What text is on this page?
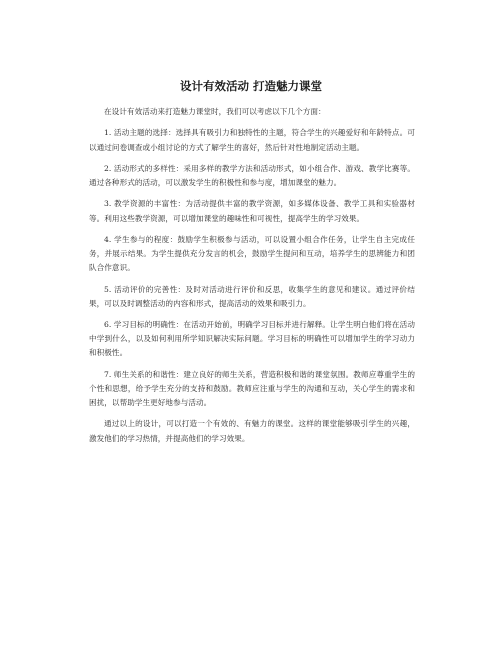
设计有效活动 打造魅力课堂

在设计有效活动来打造魅力课堂时，我们可以考虑以下几个方面：

1. 活动主题的选择：选择具有吸引力和独特性的主题，符合学生的兴趣爱好和年龄特点。可以通过问卷调查或小组讨论的方式了解学生的喜好，然后针对性地制定活动主题。

2. 活动形式的多样性：采用多样的教学方法和活动形式，如小组合作、游戏、教学比赛等。通过各种形式的活动，可以激发学生的积极性和参与度，增加课堂的魅力。

3. 教学资源的丰富性：为活动提供丰富的教学资源，如多媒体设备、教学工具和实验器材等。利用这些教学资源，可以增加课堂的趣味性和可视性，提高学生的学习效果。

4. 学生参与的程度：鼓励学生积极参与活动，可以设置小组合作任务，让学生自主完成任务，并展示结果。为学生提供充分发言的机会，鼓励学生提问和互动，培养学生的思辨能力和团队合作意识。

5. 活动评价的完善性：及时对活动进行评价和反思，收集学生的意见和建议。通过评价结果，可以及时调整活动的内容和形式，提高活动的效果和吸引力。

6. 学习目标的明确性：在活动开始前，明确学习目标并进行解释。让学生明白他们将在活动中学到什么，以及如何利用所学知识解决实际问题。学习目标的明确性可以增加学生的学习动力和积极性。

7. 师生关系的和谐性：建立良好的师生关系，营造积极和谐的课堂氛围。教师应尊重学生的个性和思想，给予学生充分的支持和鼓励。教师应注重与学生的沟通和互动，关心学生的需求和困扰，以帮助学生更好地参与活动。

通过以上的设计，可以打造一个有效的、有魅力的课堂。这样的课堂能够吸引学生的兴趣，激发他们的学习热情，并提高他们的学习效果。
